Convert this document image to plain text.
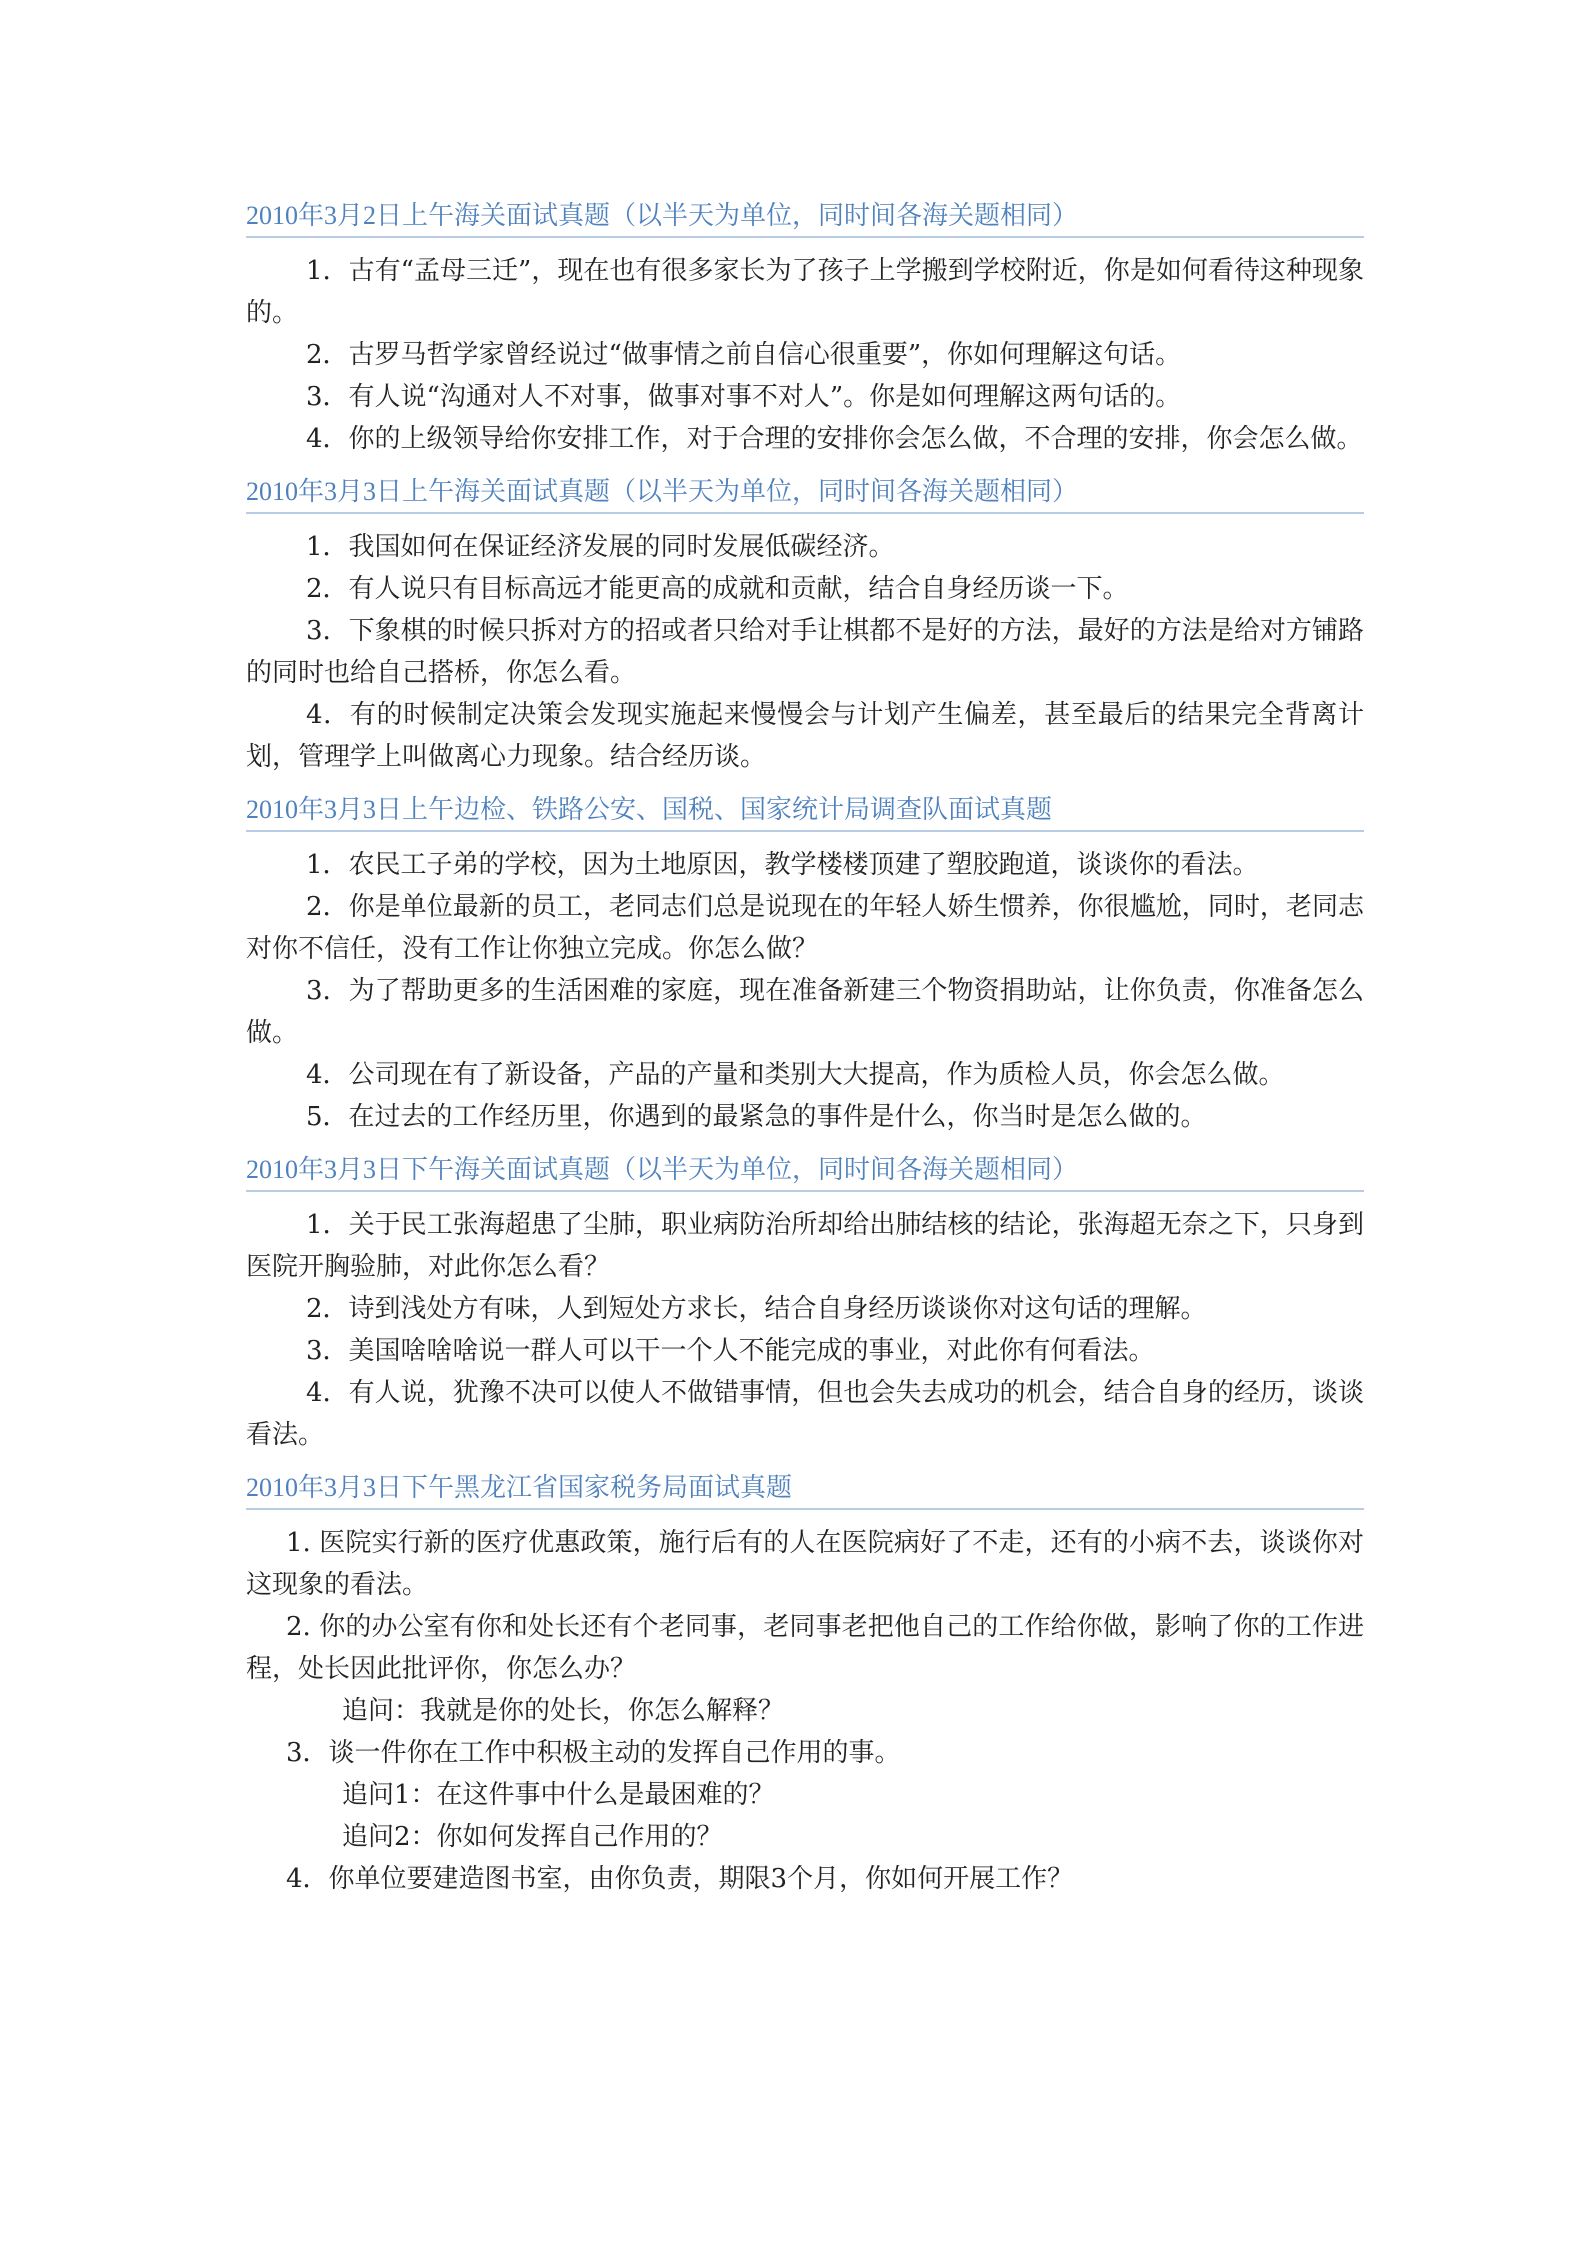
2010年3月2日上午海关面试真题（以半天为单位，同时间各海关题相同）

1．古有“孟母三迁”，现在也有很多家长为了孩子上学搬到学校附近，你是如何看待这种现象的。

2．古罗马哲学家曾经说过“做事情之前自信心很重要”，你如何理解这句话。

3．有人说“沟通对人不对事，做事对事不对人”。你是如何理解这两句话的。

4．你的上级领导给你安排工作，对于合理的安排你会怎么做，不合理的安排，你会怎么做。

2010年3月3日上午海关面试真题（以半天为单位，同时间各海关题相同）

1．我国如何在保证经济发展的同时发展低碳经济。

2．有人说只有目标高远才能更高的成就和贡献，结合自身经历谈一下。

3．下象棋的时候只拆对方的招或者只给对手让棋都不是好的方法，最好的方法是给对方铺路的同时也给自己搭桥，你怎么看。

4．有的时候制定决策会发现实施起来慢慢会与计划产生偏差，甚至最后的结果完全背离计划，管理学上叫做离心力现象。结合经历谈。

2010年3月3日上午边检、铁路公安、国税、国家统计局调查队面试真题

1．农民工子弟的学校，因为土地原因，教学楼楼顶建了塑胶跑道，谈谈你的看法。

2．你是单位最新的员工，老同志们总是说现在的年轻人娇生惯养，你很尴尬，同时，老同志对你不信任，没有工作让你独立完成。你怎么做？

3．为了帮助更多的生活困难的家庭，现在准备新建三个物资捐助站，让你负责，你准备怎么做。

4．公司现在有了新设备，产品的产量和类别大大提高，作为质检人员，你会怎么做。

5．在过去的工作经历里，你遇到的最紧急的事件是什么，你当时是怎么做的。

2010年3月3日下午海关面试真题（以半天为单位，同时间各海关题相同）

1．关于民工张海超患了尘肺，职业病防治所却给出肺结核的结论，张海超无奈之下，只身到医院开胸验肺，对此你怎么看？

2．诗到浅处方有味，人到短处方求长，结合自身经历谈谈你对这句话的理解。

3．美国啥啥啥说一群人可以干一个人不能完成的事业，对此你有何看法。

4．有人说，犹豫不决可以使人不做错事情，但也会失去成功的机会，结合自身的经历，谈谈看法。

2010年3月3日下午黑龙江省国家税务局面试真题

1. 医院实行新的医疗优惠政策，施行后有的人在医院病好了不走，还有的小病不去，谈谈你对这现象的看法。

2. 你的办公室有你和处长还有个老同事，老同事老把他自己的工作给你做，影响了你的工作进程，处长因此批评你，你怎么办？

追问：我就是你的处长，你怎么解释？

3．谈一件你在工作中积极主动的发挥自己作用的事。

追问1：在这件事中什么是最困难的？

追问2：你如何发挥自己作用的？

4．你单位要建造图书室，由你负责，期限3个月，你如何开展工作？
